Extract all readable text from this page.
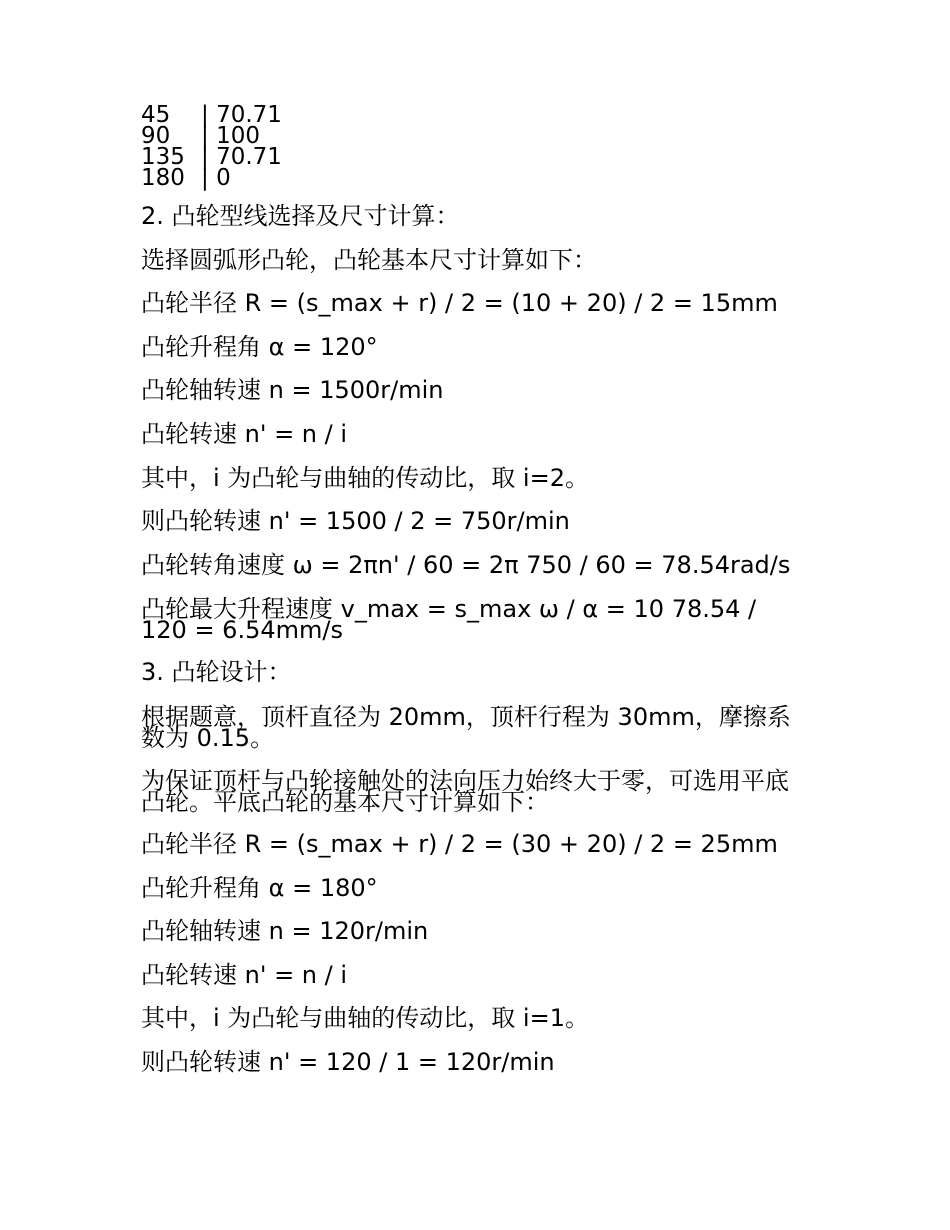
45	| 70.71
90	| 100
135 | 70.71
180 | 0
2. 凸轮型线选择及尺寸计算：
选择圆弧形凸轮，凸轮基本尺寸计算如下：
凸轮半径 R = (s_max + r) / 2 = (10 + 20) / 2 = 15mm
凸轮升程角 α = 120°
凸轮轴转速 n = 1500r/min
凸轮转速 n' = n / i
其中，i 为凸轮与曲轴的传动比，取 i=2。
则凸轮转速 n' = 1500 / 2 = 750r/min
凸轮转角速度 ω = 2πn' / 60 = 2π 750 / 60 = 78.54rad/s
凸轮最大升程速度 v_max = s_max ω / α = 10 78.54 /
120 = 6.54mm/s
3. 凸轮设计：
根据题意，顶杆直径为 20mm，顶杆行程为 30mm，摩擦系
数为 0.15。
为保证顶杆与凸轮接触处的法向压力始终大于零，可选用平底
凸轮。平底凸轮的基本尺寸计算如下：
凸轮半径 R = (s_max + r) / 2 = (30 + 20) / 2 = 25mm
凸轮升程角 α = 180°
凸轮轴转速 n = 120r/min
凸轮转速 n' = n / i
其中，i 为凸轮与曲轴的传动比，取 i=1。
则凸轮转速 n' = 120 / 1 = 120r/min
